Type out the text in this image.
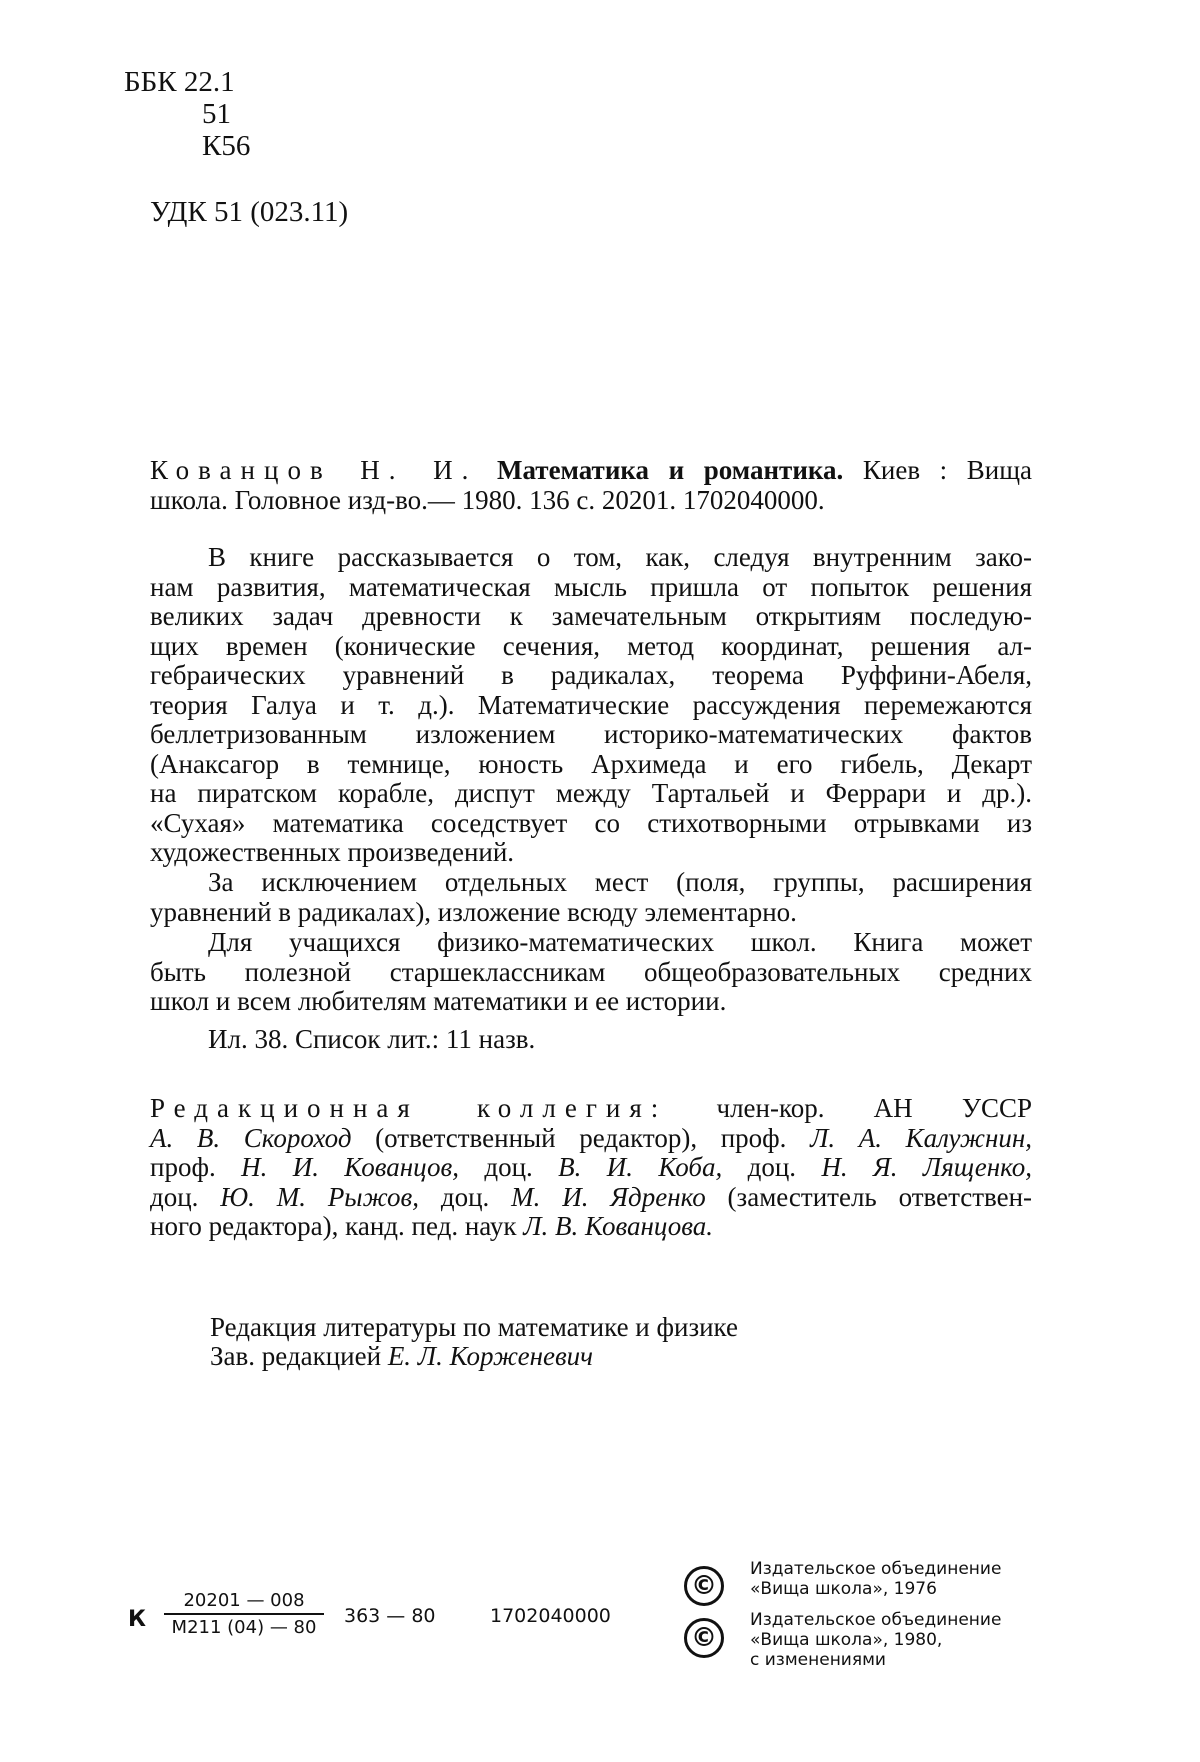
ББК 22.1
51
К56
УДК 51 (023.11)
Кованцов Н. И. Математика и романтика. Киев : Вища
школа. Головное изд-во.— 1980. 136 с. 20201. 1702040000.
В книге рассказывается о том, как, следуя внутренним зако-
нам развития, математическая мысль пришла от попыток решения
великих задач древности к замечательным открытиям последую-
щих времен (конические сечения, метод координат, решения ал-
гебраических уравнений в радикалах, теорема Руффини-Абеля,
теория Галуа и т. д.). Математические рассуждения перемежаются
беллетризованным изложением историко-математических фактов
(Анаксагор в темнице, юность Архимеда и его гибель, Декарт
на пиратском корабле, диспут между Тартальей и Феррари и др.).
«Сухая» математика соседствует со стихотворными отрывками из
художественных произведений.
За исключением отдельных мест (поля, группы, расширения
уравнений в радикалах), изложение всюду элементарно.
Для учащихся физико-математических школ. Книга может
быть полезной старшеклассникам общеобразовательных средних
школ и всем любителям математики и ее истории.
Ил. 38. Список лит.: 11 назв.
Редакционная коллегия: член-кор. АН УССР
А. В. Скороход (ответственный редактор), проф. Л. А. Калужнин,
проф. Н. И. Кованцов, доц. В. И. Коба, доц. Н. Я. Лященко,
доц. Ю. М. Рыжов, доц. М. И. Ядренко (заместитель ответствен-
ного редактора), канд. пед. наук Л. В. Кованцова.
Редакция литературы по математике и физике
Зав. редакцией Е. Л. Корженевич
К
20201 — 008
М211 (04) — 80
363 — 80	1702040000
©
©
Издательское объединение
«Вища школа», 1976
Издательское объединение
«Вища школа», 1980,
с изменениями
